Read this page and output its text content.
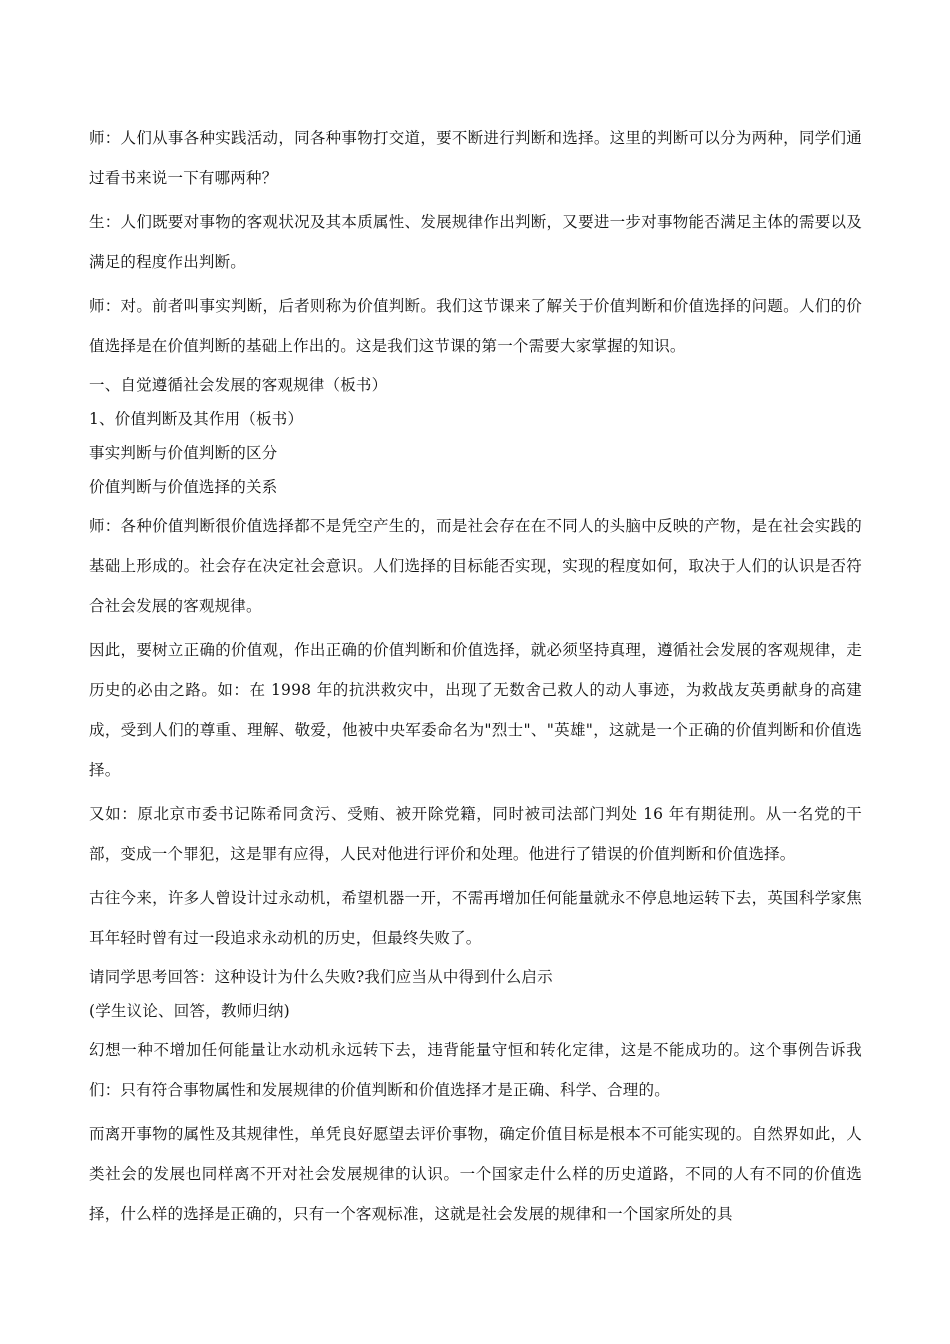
师：人们从事各种实践活动，同各种事物打交道，要不断进行判断和选择。这里的判断可以分为两种，同学们通过看书来说一下有哪两种？

生：人们既要对事物的客观状况及其本质属性、发展规律作出判断，又要进一步对事物能否满足主体的需要以及满足的程度作出判断。

师：对。前者叫事实判断，后者则称为价值判断。我们这节课来了解关于价值判断和价值选择的问题。人们的价值选择是在价值判断的基础上作出的。这是我们这节课的第一个需要大家掌握的知识。

一、自觉遵循社会发展的客观规律（板书）

1、价值判断及其作用（板书）

事实判断与价值判断的区分

价值判断与价值选择的关系

师：各种价值判断很价值选择都不是凭空产生的，而是社会存在在不同人的头脑中反映的产物，是在社会实践的基础上形成的。社会存在决定社会意识。人们选择的目标能否实现，实现的程度如何，取决于人们的认识是否符合社会发展的客观规律。

因此，要树立正确的价值观，作出正确的价值判断和价值选择，就必须坚持真理，遵循社会发展的客观规律，走历史的必由之路。如：在 1998 年的抗洪救灾中，出现了无数舍己救人的动人事迹，为救战友英勇献身的高建成，受到人们的尊重、理解、敬爱，他被中央军委命名为"烈士"、"英雄"，这就是一个正确的价值判断和价值选择。

又如：原北京市委书记陈希同贪污、受贿、被开除党籍，同时被司法部门判处 16 年有期徒刑。从一名党的干部，变成一个罪犯，这是罪有应得，人民对他进行评价和处理。他进行了错误的价值判断和价值选择。

古往今来，许多人曾设计过永动机，希望机器一开，不需再增加任何能量就永不停息地运转下去，英国科学家焦耳年轻时曾有过一段追求永动机的历史，但最终失败了。

请同学思考回答：这种设计为什么失败?我们应当从中得到什么启示

(学生议论、回答，教师归纳)

幻想一种不增加任何能量让水动机永远转下去，违背能量守恒和转化定律，这是不能成功的。这个事例告诉我们：只有符合事物属性和发展规律的价值判断和价值选择才是正确、科学、合理的。

而离开事物的属性及其规律性，单凭良好愿望去评价事物，确定价值目标是根本不可能实现的。自然界如此，人类社会的发展也同样离不开对社会发展规律的认识。一个国家走什么样的历史道路，不同的人有不同的价值选择，什么样的选择是正确的，只有一个客观标准，这就是社会发展的规律和一个国家所处的具
